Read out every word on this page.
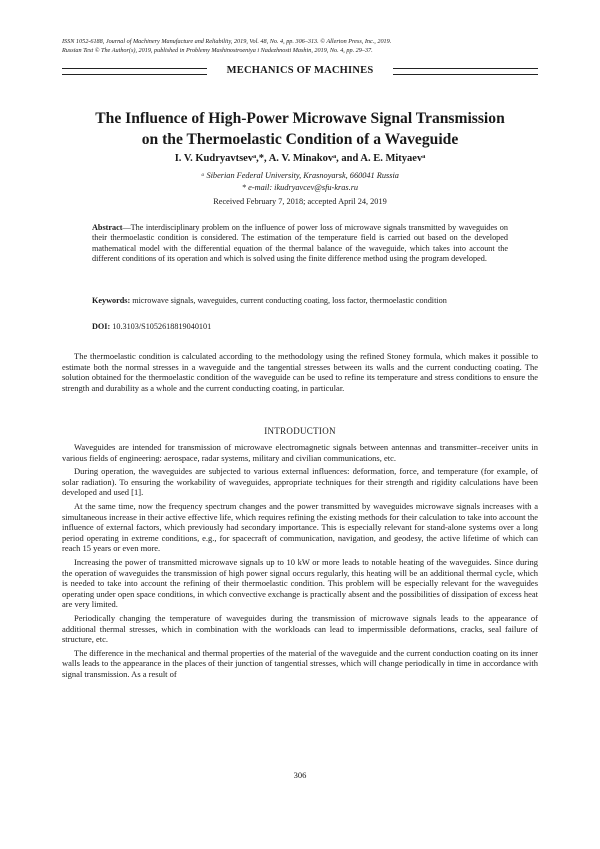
ISSN 1052-6188, Journal of Machinery Manufacture and Reliability, 2019, Vol. 48, No. 4, pp. 306–313. © Allerton Press, Inc., 2019.
Russian Text © The Author(s), 2019, published in Problemy Mashinostroeniya i Nadezhnosti Mashin, 2019, No. 4, pp. 29–37.
MECHANICS OF MACHINES
The Influence of High-Power Microwave Signal Transmission
on the Thermoelastic Condition of a Waveguide
I. V. Kudryavtsevᵃ,*, A. V. Minakovᵃ, and A. E. Mityaevᵃ
ᵃ Siberian Federal University, Krasnoyarsk, 660041 Russia
* e-mail: ikudryavcev@sfu-kras.ru
Received February 7, 2018; accepted April 24, 2019
Abstract—The interdisciplinary problem on the influence of power loss of microwave signals transmitted by waveguides on their thermoelastic condition is considered. The estimation of the temperature field is carried out based on the developed mathematical model with the differential equation of the thermal balance of the waveguide, which takes into account the different conditions of its operation and which is solved using the finite difference method using the program developed.
Keywords: microwave signals, waveguides, current conducting coating, loss factor, thermoelastic condition
DOI: 10.3103/S1052618819040101

The thermoelastic condition is calculated according to the methodology using the refined Stoney formula, which makes it possible to estimate both the normal stresses in a waveguide and the tangential stresses between its walls and the current conducting coating. The solution obtained for the thermoelastic condition of the waveguide can be used to refine its temperature and stress conditions to ensure the strength and durability as a whole and the current conducting coating, in particular.

INTRODUCTION

Waveguides are intended for transmission of microwave electromagnetic signals between antennas and transmitter–receiver units in various fields of engineering: aerospace, radar systems, military and civilian communications, etc.

During operation, the waveguides are subjected to various external influences: deformation, force, and temperature (for example, of solar radiation). To ensuring the workability of waveguides, appropriate techniques for their strength and rigidity calculations have been developed and used [1].

At the same time, now the frequency spectrum changes and the power transmitted by waveguides microwave signals increases with a simultaneous increase in their active effective life, which requires refining the existing methods for their calculation to take into account the influence of external factors, which previously had secondary importance. This is especially relevant for stand-alone systems over a long period operating in extreme conditions, e.g., for spacecraft of communication, navigation, and geodesy, the active lifetime of which can reach 15 years or even more.

Increasing the power of transmitted microwave signals up to 10 kW or more leads to notable heating of the waveguides. Since during the operation of waveguides the transmission of high power signal occurs regularly, this heating will be an additional thermal cycle, which is needed to take into account the refining of their thermoelastic condition. This problem will be especially relevant for the waveguides operating under open space conditions, in which convective exchange is practically absent and the possibilities of dissipation of excess heat are very limited.

Periodically changing the temperature of waveguides during the transmission of microwave signals leads to the appearance of additional thermal stresses, which in combination with the workloads can lead to impermissible deformations, cracks, seal failure of structure, etc.

The difference in the mechanical and thermal properties of the material of the waveguide and the current conduction coating on its inner walls leads to the appearance in the places of their junction of tangential stresses, which will change periodically in time in accordance with signal transmission. As a result of

306
